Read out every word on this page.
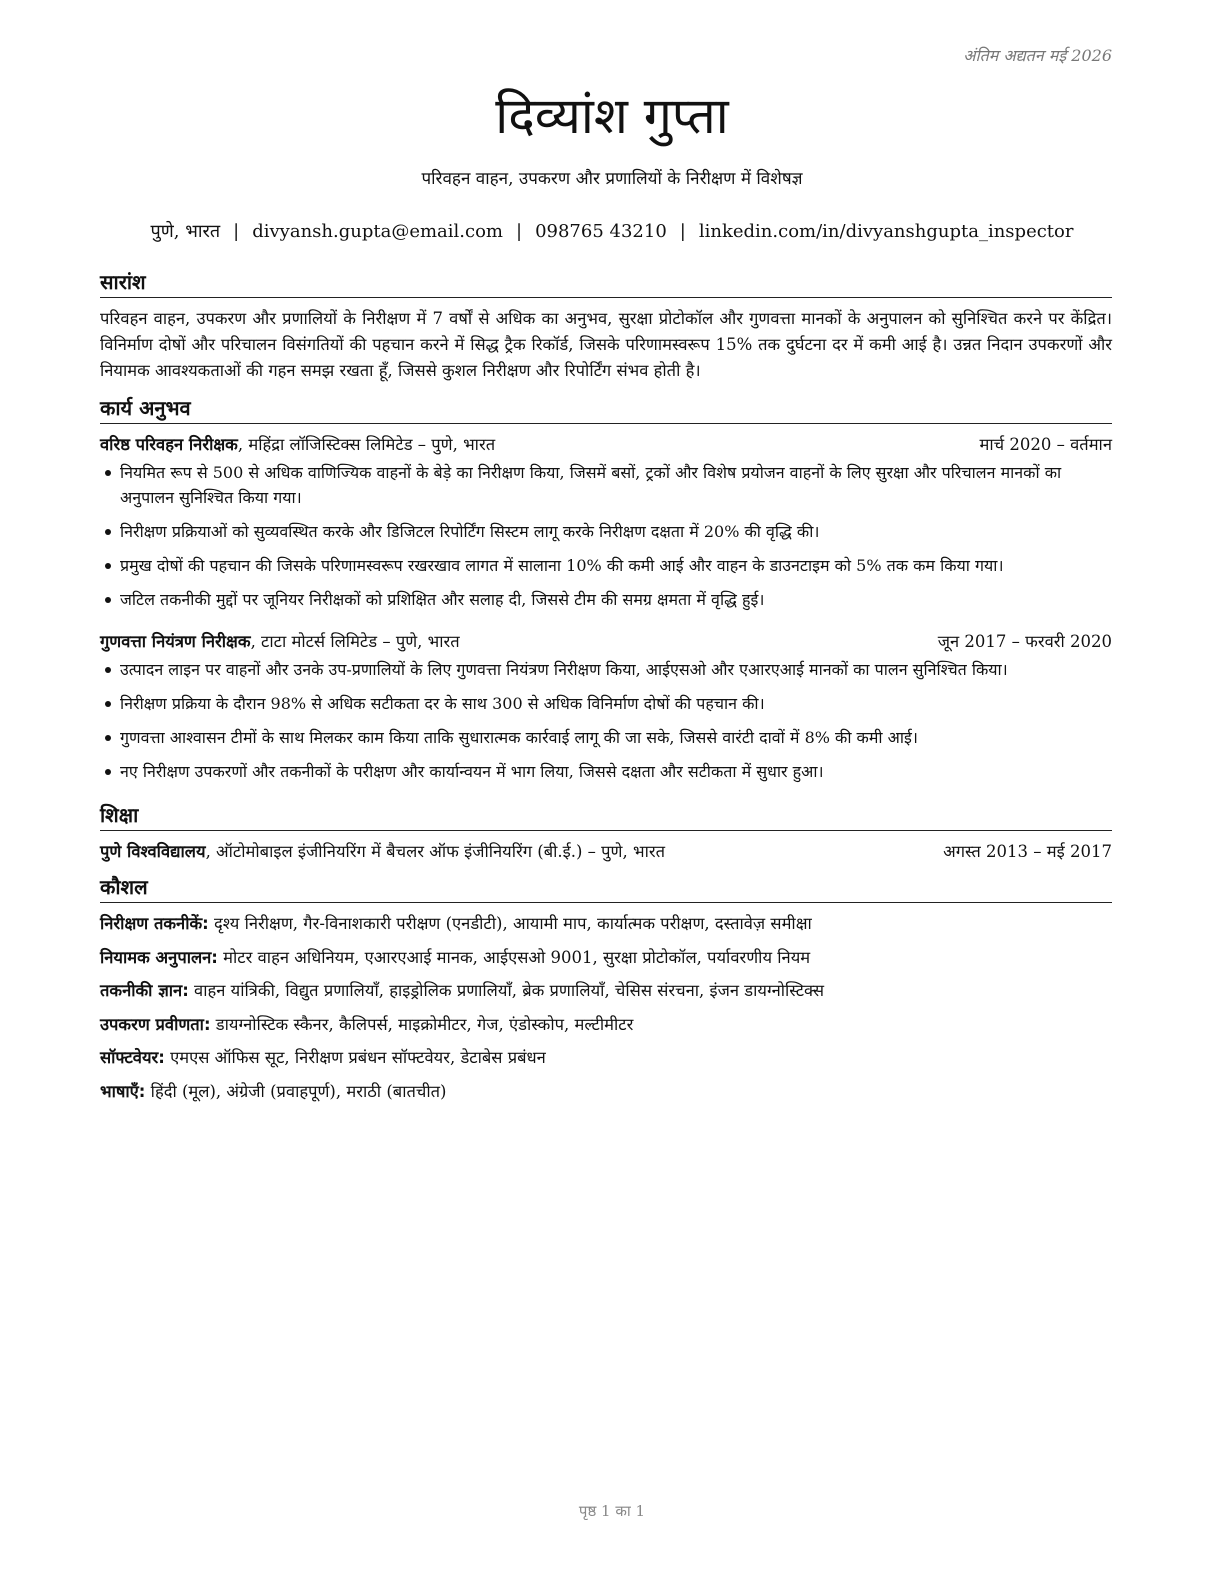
अंतिम अद्यतन मई 2026
दिव्यांश गुप्ता
परिवहन वाहन, उपकरण और प्रणालियों के निरीक्षण में विशेषज्ञ
पुणे, भारत | divyansh.gupta@email.com | 098765 43210 | linkedin.com/in/divyanshgupta_inspector
सारांश

परिवहन वाहन, उपकरण और प्रणालियों के निरीक्षण में 7 वर्षों से अधिक का अनुभव, सुरक्षा प्रोटोकॉल और गुणवत्ता मानकों के अनुपालन को सुनिश्चित करने पर केंद्रित। विनिर्माण दोषों और परिचालन विसंगतियों की पहचान करने में सिद्ध ट्रैक रिकॉर्ड, जिसके परिणामस्वरूप 15% तक दुर्घटना दर में कमी आई है। उन्नत निदान उपकरणों और नियामक आवश्यकताओं की गहन समझ रखता हूँ, जिससे कुशल निरीक्षण और रिपोर्टिंग संभव होती है।

कार्य अनुभव
वरिष्ठ परिवहन निरीक्षक, महिंद्रा लॉजिस्टिक्स लिमिटेड – पुणे, भारत	मार्च 2020 – वर्तमान
नियमित रूप से 500 से अधिक वाणिज्यिक वाहनों के बेड़े का निरीक्षण किया, जिसमें बसों, ट्रकों और विशेष प्रयोजन वाहनों के लिए सुरक्षा और परिचालन मानकों का अनुपालन सुनिश्चित किया गया।
निरीक्षण प्रक्रियाओं को सुव्यवस्थित करके और डिजिटल रिपोर्टिंग सिस्टम लागू करके निरीक्षण दक्षता में 20% की वृद्धि की।
प्रमुख दोषों की पहचान की जिसके परिणामस्वरूप रखरखाव लागत में सालाना 10% की कमी आई और वाहन के डाउनटाइम को 5% तक कम किया गया।
जटिल तकनीकी मुद्दों पर जूनियर निरीक्षकों को प्रशिक्षित और सलाह दी, जिससे टीम की समग्र क्षमता में वृद्धि हुई।
गुणवत्ता नियंत्रण निरीक्षक, टाटा मोटर्स लिमिटेड – पुणे, भारत	जून 2017 – फरवरी 2020
उत्पादन लाइन पर वाहनों और उनके उप-प्रणालियों के लिए गुणवत्ता नियंत्रण निरीक्षण किया, आईएसओ और एआरएआई मानकों का पालन सुनिश्चित किया।
निरीक्षण प्रक्रिया के दौरान 98% से अधिक सटीकता दर के साथ 300 से अधिक विनिर्माण दोषों की पहचान की।
गुणवत्ता आश्वासन टीमों के साथ मिलकर काम किया ताकि सुधारात्मक कार्रवाई लागू की जा सके, जिससे वारंटी दावों में 8% की कमी आई।
नए निरीक्षण उपकरणों और तकनीकों के परीक्षण और कार्यान्वयन में भाग लिया, जिससे दक्षता और सटीकता में सुधार हुआ।
शिक्षा
पुणे विश्वविद्यालय, ऑटोमोबाइल इंजीनियरिंग में बैचलर ऑफ इंजीनियरिंग (बी.ई.) – पुणे, भारत	अगस्त 2013 – मई 2017
कौशल
निरीक्षण तकनीकें: दृश्य निरीक्षण, गैर-विनाशकारी परीक्षण (एनडीटी), आयामी माप, कार्यात्मक परीक्षण, दस्तावेज़ समीक्षा
नियामक अनुपालन: मोटर वाहन अधिनियम, एआरएआई मानक, आईएसओ 9001, सुरक्षा प्रोटोकॉल, पर्यावरणीय नियम
तकनीकी ज्ञान: वाहन यांत्रिकी, विद्युत प्रणालियाँ, हाइड्रोलिक प्रणालियाँ, ब्रेक प्रणालियाँ, चेसिस संरचना, इंजन डायग्नोस्टिक्स
उपकरण प्रवीणता: डायग्नोस्टिक स्कैनर, कैलिपर्स, माइक्रोमीटर, गेज, एंडोस्कोप, मल्टीमीटर
सॉफ्टवेयर: एमएस ऑफिस सूट, निरीक्षण प्रबंधन सॉफ्टवेयर, डेटाबेस प्रबंधन
भाषाएँ: हिंदी (मूल), अंग्रेजी (प्रवाहपूर्ण), मराठी (बातचीत)
पृष्ठ 1 का 1
